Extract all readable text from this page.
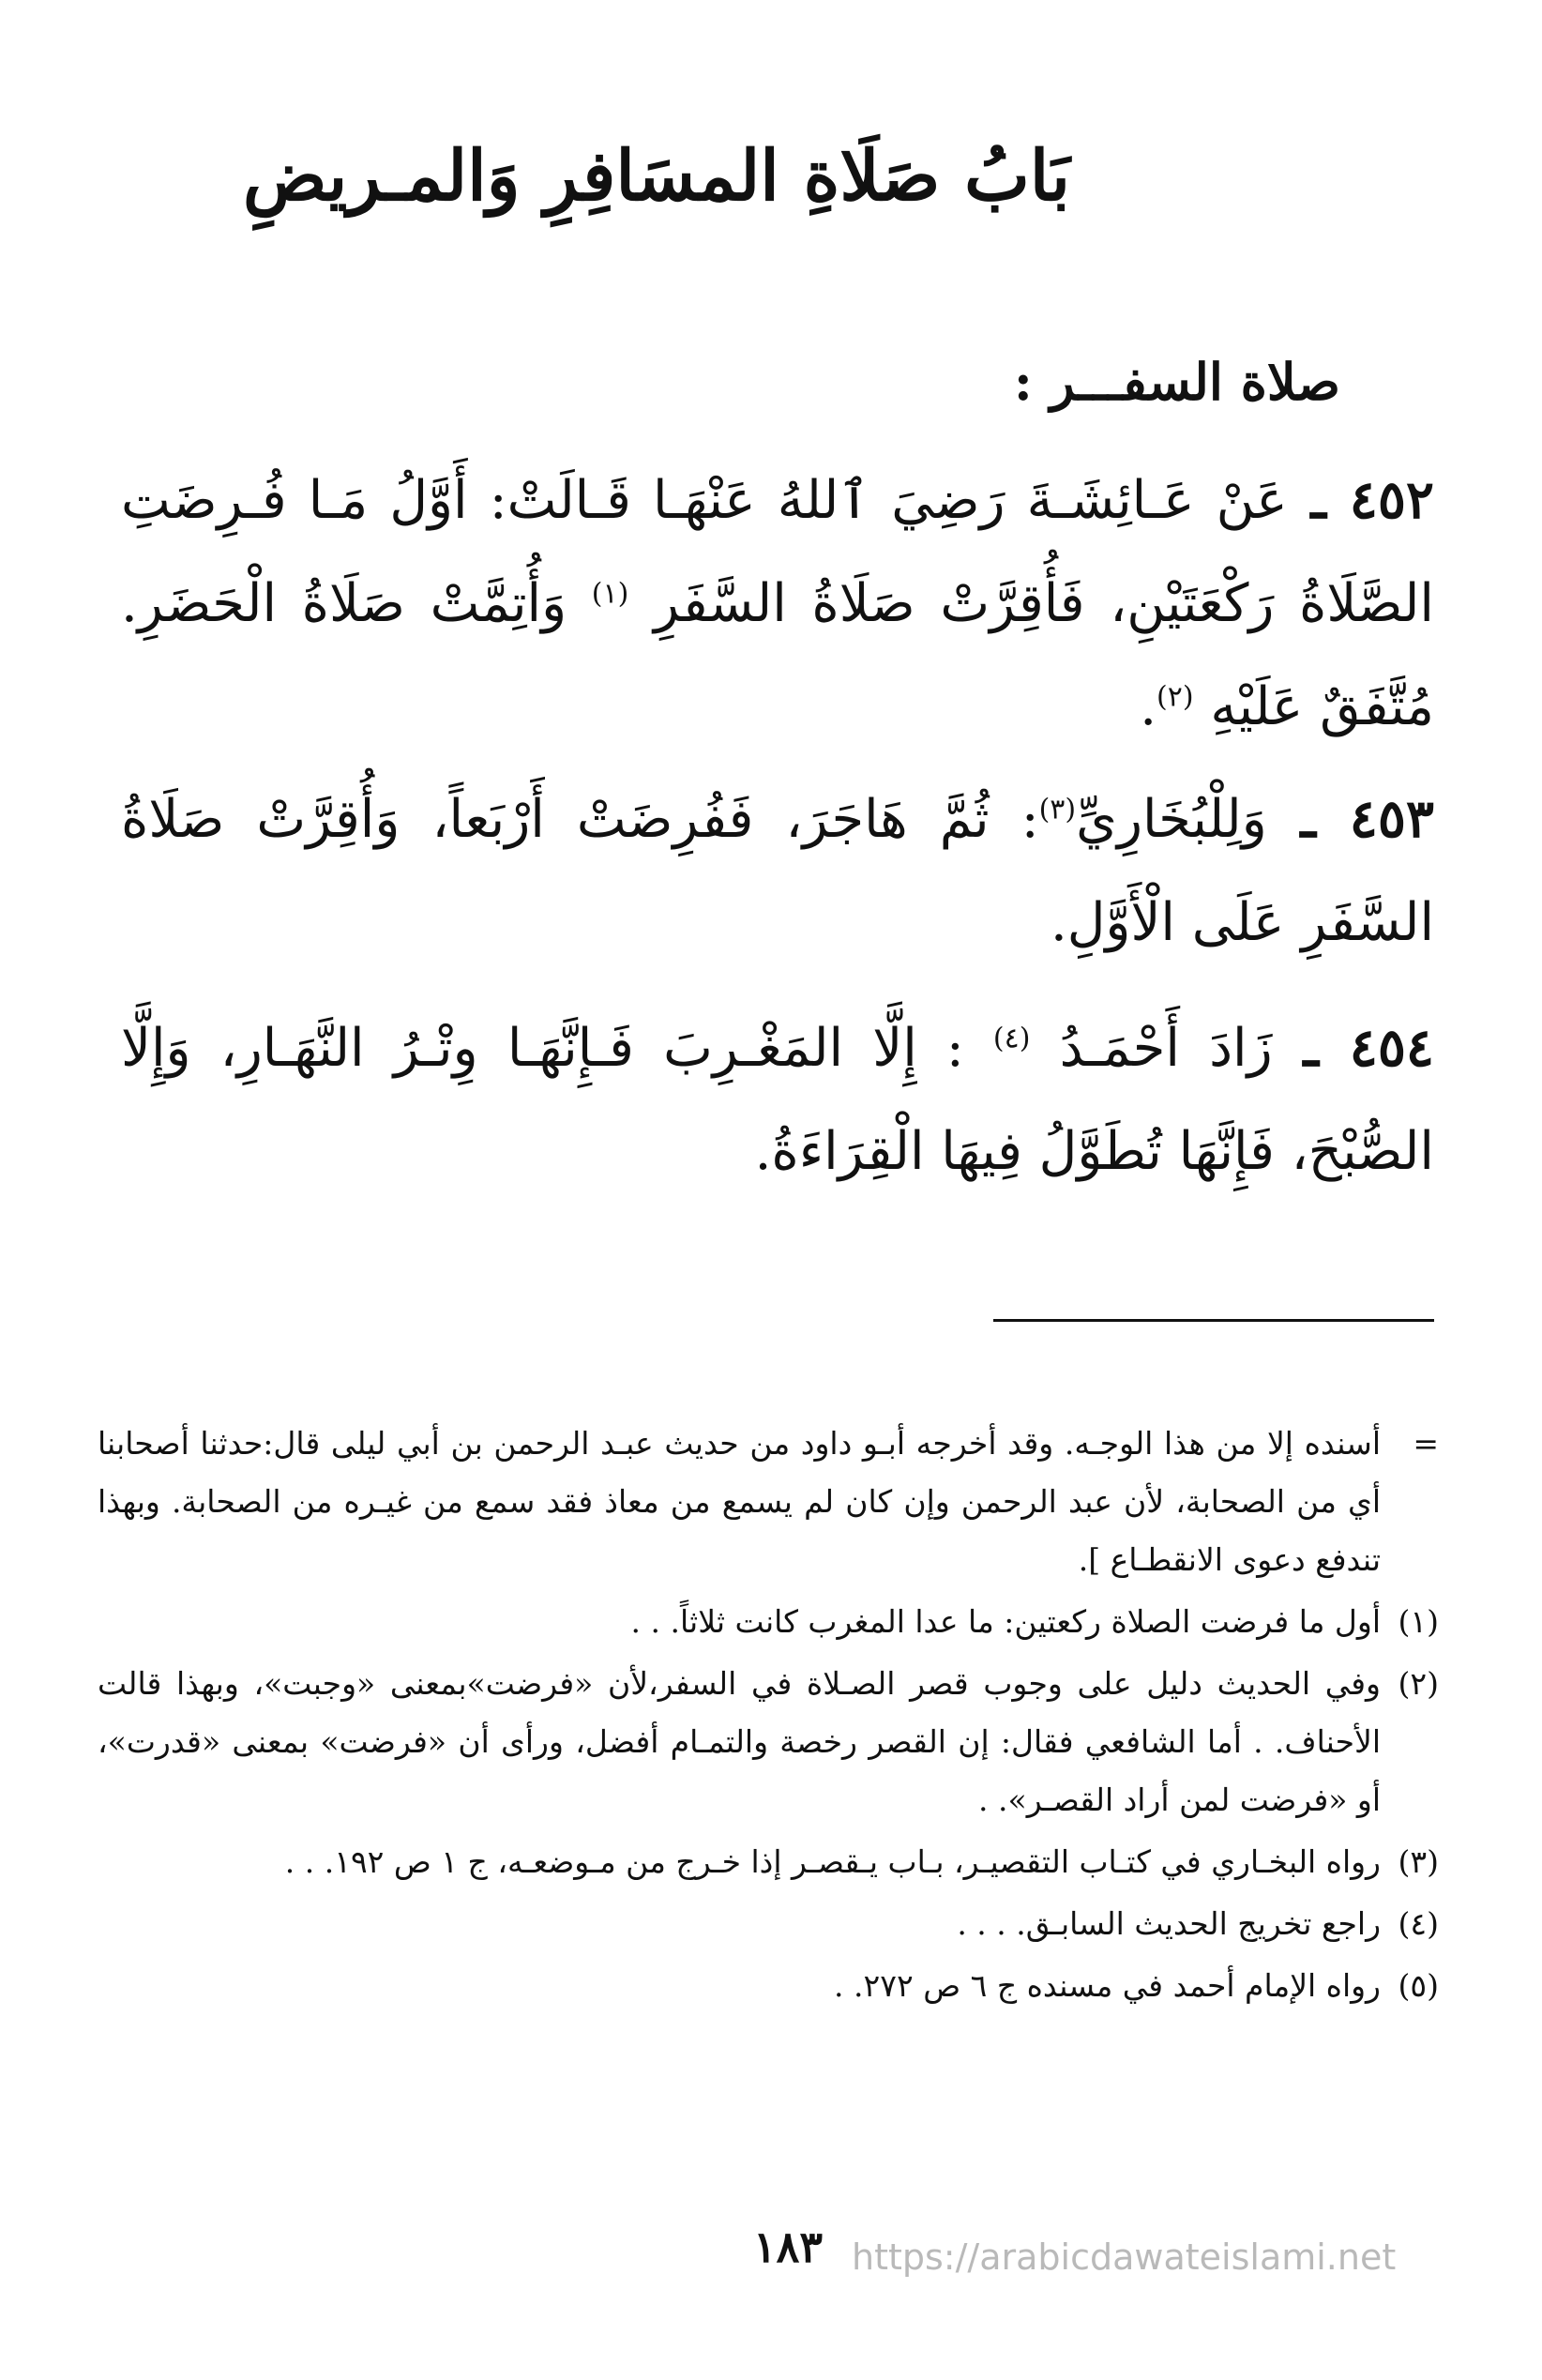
بَابُ صَلَاةِ المسَافِرِ وَالمـريضِ
صلاة السفـــر :

٤٥٢ ـ عَنْ عَـائِشَـةَ رَضِيَ ٱللهُ عَنْهَـا قَـالَتْ: أَوَّلُ مَـا فُـرِضَتِ الصَّلَاةُ رَكْعَتَيْنِ، فَأُقِرَّتْ صَلَاةُ السَّفَرِ $^{(١)}$ وَأُتِمَّتْ صَلَاةُ الْحَضَرِ. مُتَّفَقٌ عَلَيْهِ $^{(٢)}$.

٤٥٣ ـ وَلِلْبُخَارِيِّ$^{(٣)}$: ثُمَّ هَاجَرَ، فَفُرِضَتْ أَرْبَعاً، وَأُقِرَّتْ صَلَاةُ السَّفَرِ عَلَى الْأَوَّلِ.

٤٥٤ ـ زَادَ أَحْمَـدُ $^{(٤)}$ : إِلَّا المَغْـرِبَ فَـإِنَّهَـا وِتْـرُ النَّهَـارِ، وَإِلَّا الصُّبْحَ، فَإِنَّهَا تُطَوَّلُ فِيهَا الْقِرَاءَةُ.

=
أسنده إلا من هذا الوجـه. وقد أخرجه أبـو داود من حديث عبـد الرحمن بن أبي ليلى قال:حدثنا أصحابنا أي من الصحابة، لأن عبد الرحمن وإن كان لم يسمع من معاذ فقد سمع من غيـره من الصحابة. وبهذا تندفع دعوى الانقطـاع ].
(١)
أول ما فرضت الصلاة ركعتين: ما عدا المغرب كانت ثلاثاً. . .
(٢)
وفي الحديث دليل على وجوب قصر الصـلاة في السفر،لأن «فرضت»بمعنى «وجبت»، وبهذا قالت الأحناف. . أما الشافعي فقال: إن القصر رخصة والتمـام أفضل، ورأى أن «فرضت» بمعنى «قدرت»، أو «فرضت لمن أراد القصـر». .
(٣)
رواه البخـاري في كتـاب التقصيـر، بـاب يـقصـر إذا خـرج من مـوضعـه، ج ١ ص ١٩٢. . .
(٤)
راجع تخريج الحديث السابـق. . . .
(٥)
رواه الإمام أحمد في مسنده ج ٦ ص ٢٧٢. .
١٨٣ https://arabicdawateislami.net
